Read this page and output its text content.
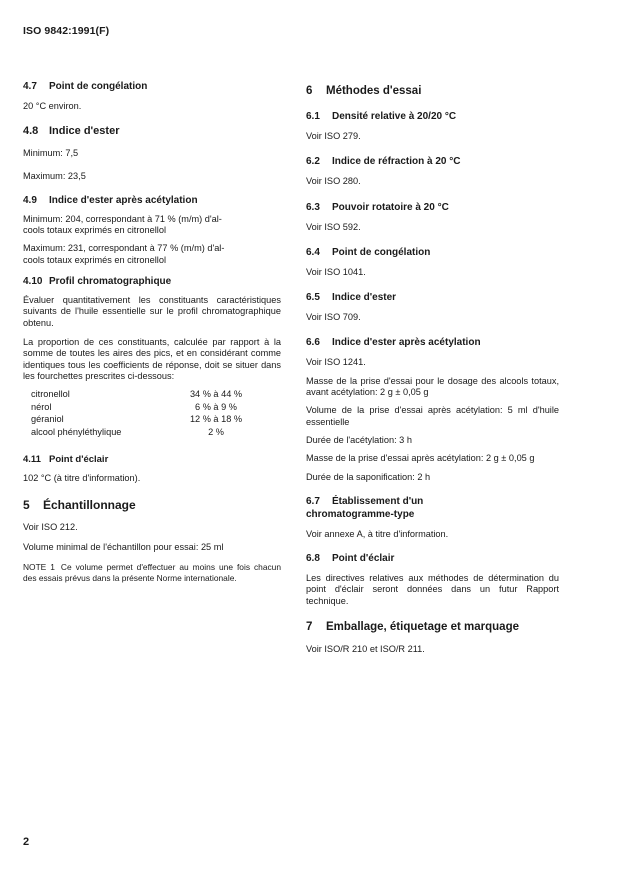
ISO 9842:1991(F)
4.7 Point de congélation

20 °C environ.

4.8 Indice d'ester

Minimum: 7,5

Maximum: 23,5

4.9 Indice d'ester après acétylation

Minimum: 204, correspondant à 71 % (m/m) d'al-
cools totaux exprimés en citronellol

Maximum: 231, correspondant à 77 % (m/m) d'al-
cools totaux exprimés en citronellol

4.10 Profil chromatographique

Évaluer quantitativement les constituants caractéristiques suivants de l'huile essentielle sur le profil chromatographique obtenu.

La proportion de ces constituants, calculée par rapport à la somme de toutes les aires des pics, et en considérant comme identiques tous les coefficients de réponse, doit se situer dans les fourchettes prescrites ci-dessous:

citronellol	34 % à 44 %
nérol	6 % à 9 %
géraniol	12 % à 18 %
alcool phényléthylique	2 %
4.11 Point d'éclair

102 °C (à titre d'information).

5 Échantillonnage

Voir ISO 212.

Volume minimal de l'échantillon pour essai: 25 ml

NOTE 1 Ce volume permet d'effectuer au moins une fois chacun des essais prévus dans la présente Norme internationale.

6 Méthodes d'essai
6.1 Densité relative à 20/20 °C

Voir ISO 279.

6.2 Indice de réfraction à 20 °C

Voir ISO 280.

6.3 Pouvoir rotatoire à 20 °C

Voir ISO 592.

6.4 Point de congélation

Voir ISO 1041.

6.5 Indice d'ester

Voir ISO 709.

6.6 Indice d'ester après acétylation

Voir ISO 1241.

Masse de la prise d'essai pour le dosage des alcools totaux, avant acétylation: 2 g ± 0,05 g

Volume de la prise d'essai après acétylation: 5 ml d'huile essentielle

Durée de l'acétylation: 3 h

Masse de la prise d'essai après acétylation: 2 g ± 0,05 g

Durée de la saponification: 2 h

6.7 Établissement d'un
chromatogramme-type

Voir annexe A, à titre d'information.

6.8 Point d'éclair

Les directives relatives aux méthodes de détermination du point d'éclair seront données dans un futur Rapport technique.

7 Emballage, étiquetage et marquage

Voir ISO/R 210 et ISO/R 211.

2
